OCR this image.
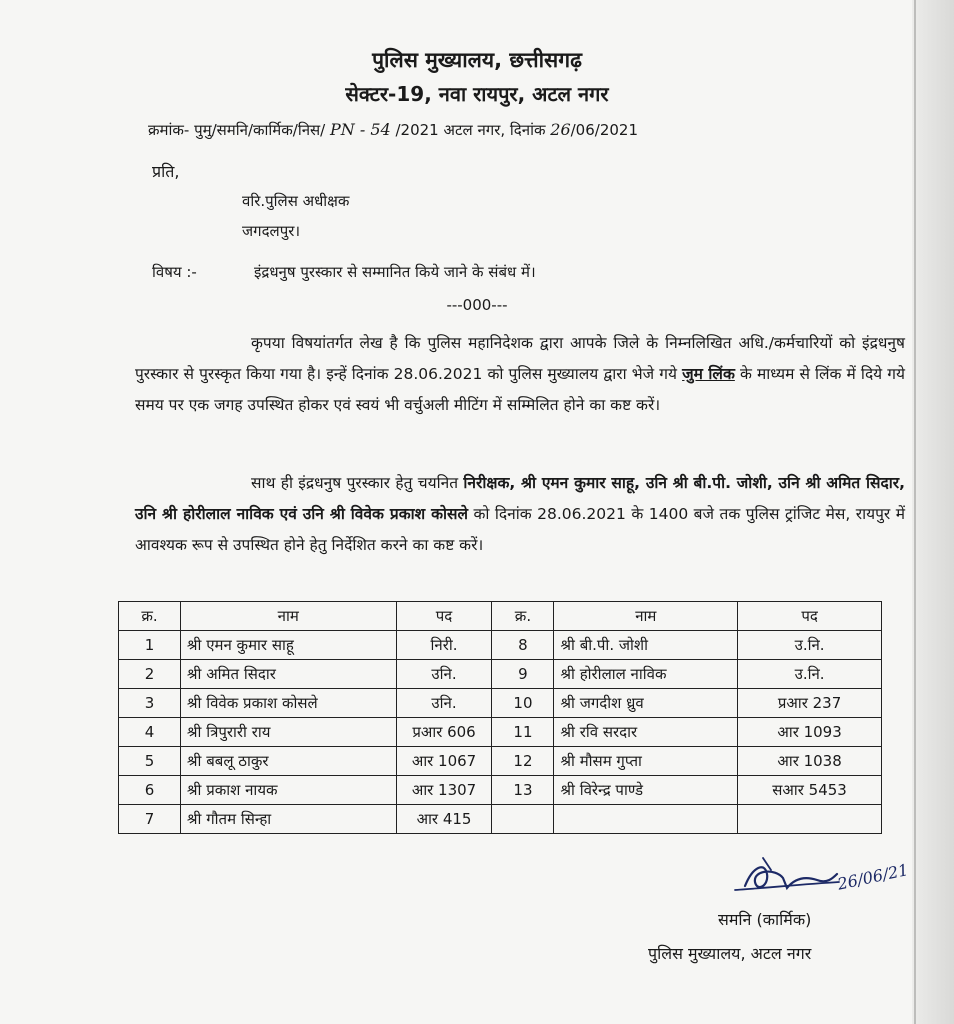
पुलिस मुख्यालय, छत्तीसगढ़
सेक्टर-19, नवा रायपुर, अटल नगर
क्रमांक- पुमु/समनि/कार्मिक/निस/ PN - 54 /2021 अटल नगर, दिनांक 26/06/2021
प्रति,
वरि.पुलिस अधीक्षक
जगदलपुर।
विषय :-	इंद्रधनुष पुरस्कार से सम्मानित किये जाने के संबंध में।
---000---
कृपया विषयांतर्गत लेख है कि पुलिस महानिदेशक द्वारा आपके जिले के निम्नलिखित अधि./कर्मचारियों को इंद्रधनुष पुरस्कार से पुरस्कृत किया गया है। इन्हें दिनांक 28.06.2021 को पुलिस मुख्यालय द्वारा भेजे गये जुम लिंक के माध्यम से लिंक में दिये गये समय पर एक जगह उपस्थित होकर एवं स्वयं भी वर्चुअली मीटिंग में सम्मिलित होने का कष्ट करें।
साथ ही इंद्रधनुष पुरस्कार हेतु चयनित निरीक्षक, श्री एमन कुमार साहू, उनि श्री बी.पी. जोशी, उनि श्री अमित सिदार, उनि श्री होरीलाल नाविक एवं उनि श्री विवेक प्रकाश कोसले को दिनांक 28.06.2021 के 1400 बजे तक पुलिस ट्रांजिट मेस, रायपुर में आवश्यक रूप से उपस्थित होने हेतु निर्देशित करने का कष्ट करें।
क्र.	नाम	पद	क्र.	नाम	पद
1	श्री एमन कुमार साहू	निरी.	8	श्री बी.पी. जोशी	उ.नि.
2	श्री अमित सिदार	उनि.	9	श्री होरीलाल नाविक	उ.नि.
3	श्री विवेक प्रकाश कोसले	उनि.	10	श्री जगदीश ध्रुव	प्रआर 237
4	श्री त्रिपुरारी राय	प्रआर 606	11	श्री रवि सरदार	आर 1093
5	श्री बबलू ठाकुर	आर 1067	12	श्री मौसम गुप्ता	आर 1038
6	श्री प्रकाश नायक	आर 1307	13	श्री विरेन्द्र पाण्डे	सआर 5453
7	श्री गौतम सिन्हा	आर 415			
26/06/21
समनि (कार्मिक)
पुलिस मुख्यालय, अटल नगर
